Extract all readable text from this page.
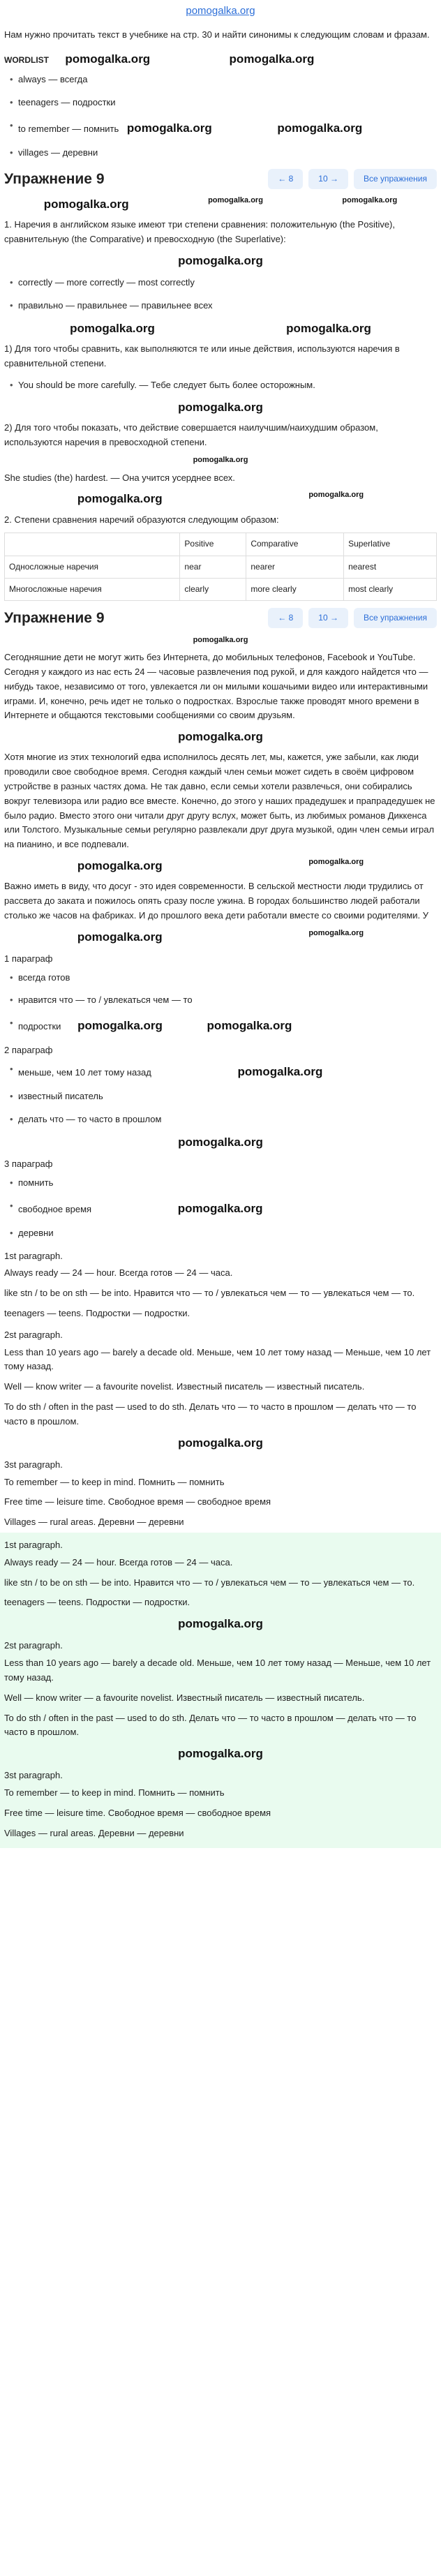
pomogalka.org

Нам нужно прочитать текст в учебнике на стр. 30 и найти синонимы к следующим словам и фразам.

WORDLIST pomogalka.org	pomogalka.org
• always — всегда
• teenagers — подростки
• to remember — помнить pomogalka.org	pomogalka.org
• villages — деревни
Упражнение 9	← 8	10 →	Все упражнения
pomogalka.org	pomogalka.org	pomogalka.org

1. Наречия в английском языке имеют три степени сравнения: положительную (the Positive), сравнительную (the Comparative) и превосходную (the Superlative):

pomogalka.org
• correctly — more correctly — most correctly
• правильно — правильнее — правильнее всех
pomogalka.org	pomogalka.org

1) Для того чтобы сравнить, как выполняются те или иные действия, используются наречия в сравнительной степени.

• You should be more carefully. — Тебе следует быть более осторожным.
pomogalka.org

2) Для того чтобы показать, что действие совершается наилучшим/наихудшим образом, используются наречия в превосходной степени.

pomogalka.org

She studies (the) hardest. — Она учится усерднее всех.

pomogalka.org	pomogalka.org

2. Степени сравнения наречий образуются следующим образом:

	Positive	Comparative	Superlative
Односложные наречия	near	nearer	nearest
Многосложные наречия	clearly	more clearly	most clearly
Упражнение 9	← 8	10 →	Все упражнения
pomogalka.org

Сегодняшние дети не могут жить без Интернета, до мобильных телефонов, Facebook и YouTube. Сегодня у каждого из нас есть 24 — часовые развлечения под рукой, и для каждого найдется что — нибудь такое, независимо от того, увлекается ли он милыми кошачьими видео или интерактивными играми. И, конечно, речь идет не только о подростках. Взрослые также проводят много времени в Интернете и общаются текстовыми сообщениями со своим друзьям.

pomogalka.org

Хотя многие из этих технологий едва исполнилось десять лет, мы, кажется, уже забыли, как люди проводили свое свободное время. Сегодня каждый член семьи может сидеть в своём цифровом устройстве в разных частях дома. Не так давно, если семьи хотели развлечься, они собирались вокруг телевизора или радио все вместе. Конечно, до этого у наших прадедушек и прапрадедушек не было радио. Вместо этого они читали друг другу вслух, может быть, из любимых романов Диккенса или Толстого. Музыкальные семьи регулярно развлекали друг друга музыкой, один член семьи играл на пианино, и все подпевали.

pomogalka.org	pomogalka.org

Важно иметь в виду, что досуг - это идея современности. В сельской местности люди трудились от рассвета до заката и пожилось опять сразу после ужина. В городах большинство людей работали столько же часов на фабриках. И до прошлого века дети работали вместе со своими родителями. У

pomogalka.org	pomogalka.org
1 параграф
• всегда готов
• нравится что — то / увлекаться чем — то
• подростки pomogalka.org	pomogalka.org
2 параграф
• меньше, чем 10 лет тому назад	pomogalka.org
• известный писатель
• делать что — то часто в прошлом
pomogalka.org
3 параграф
• помнить
• свободное время	pomogalka.org
• деревни
1st paragraph.

Always ready — 24 — hour. Всегда готов — 24 — часа.

like stn / to be on sth — be into. Нравится что — то / увлекаться чем — то — увлекаться чем — то.

teenagers — teens. Подростки — подростки.

2st paragraph.

Less than 10 years ago — barely a decade old. Меньше, чем 10 лет тому назад — Меньше, чем 10 лет тому назад.

Well — know writer — a favourite novelist. Известный писатель — известный писатель.

To do sth / often in the past — used to do sth. Делать что — то часто в прошлом — делать что — то часто в прошлом.

pomogalka.org
3st paragraph.

To remember — to keep in mind. Помнить — помнить

Free time — leisure time. Свободное время — свободное время

Villages — rural areas. Деревни — деревни

1st paragraph.

Always ready — 24 — hour. Всегда готов — 24 — часа.

like stn / to be on sth — be into. Нравится что — то / увлекаться чем — то — увлекаться чем — то.

teenagers — teens. Подростки — подростки.

pomogalka.org
2st paragraph.

Less than 10 years ago — barely a decade old. Меньше, чем 10 лет тому назад — Меньше, чем 10 лет тому назад.

Well — know writer — a favourite novelist. Известный писатель — известный писатель.

To do sth / often in the past — used to do sth. Делать что — то часто в прошлом — делать что — то часто в прошлом.

pomogalka.org
3st paragraph.

To remember — to keep in mind. Помнить — помнить

Free time — leisure time. Свободное время — свободное время

Villages — rural areas. Деревни — деревни
